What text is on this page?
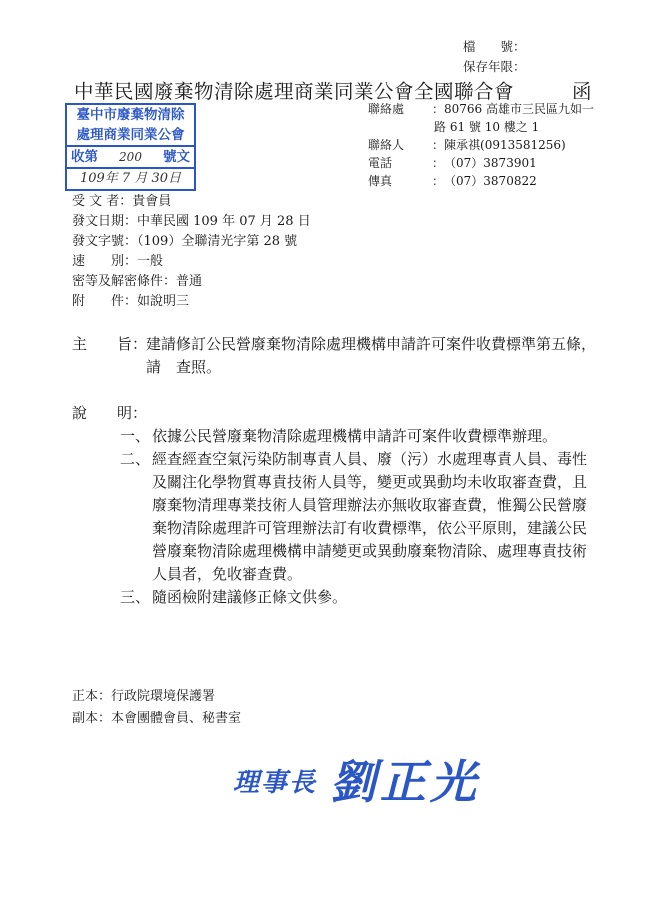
檔　　號：
保存年限：
中華民國廢棄物清除處理商業同業公會全國聯合會	函
聯絡處 ： 80766 高雄市三民區九如一
路 61 號 10 樓之 1
聯絡人 ： 陳承祺(0913581256)
電話	： （07）3873901
傳真	： （07）3870822
臺中市廢棄物清除
處理商業同業公會
收第 200 號文
109年 7 月 30日
受 文 者：貴會員
發文日期：中華民國 109 年 07 月 28 日
發文字號：（109）全聯清光字第 28 號
速　　別：一般
密等及解密條件：普通
附　　件：如說明三
主　　旨：
建請修訂公民營廢棄物清除處理機構申請許可案件收費標準第五條，請　查照。
說　　明：
一、 依據公民營廢棄物清除處理機構申請許可案件收費標準辦理。
二、 經查經查空氣污染防制專責人員、廢（污）水處理專責人員、毒性及關注化學物質專責技術人員等，變更或異動均未收取審查費，且廢棄物清理專業技術人員管理辦法亦無收取審查費，惟獨公民營廢棄物清除處理許可管理辦法訂有收費標準，依公平原則，建議公民營廢棄物清除處理機構申請變更或異動廢棄物清除、處理專責技術人員者，免收審查費。
三、 隨函檢附建議修正條文供參。
正本：行政院環境保護署
副本：本會團體會員、秘書室
理事長 劉正光
